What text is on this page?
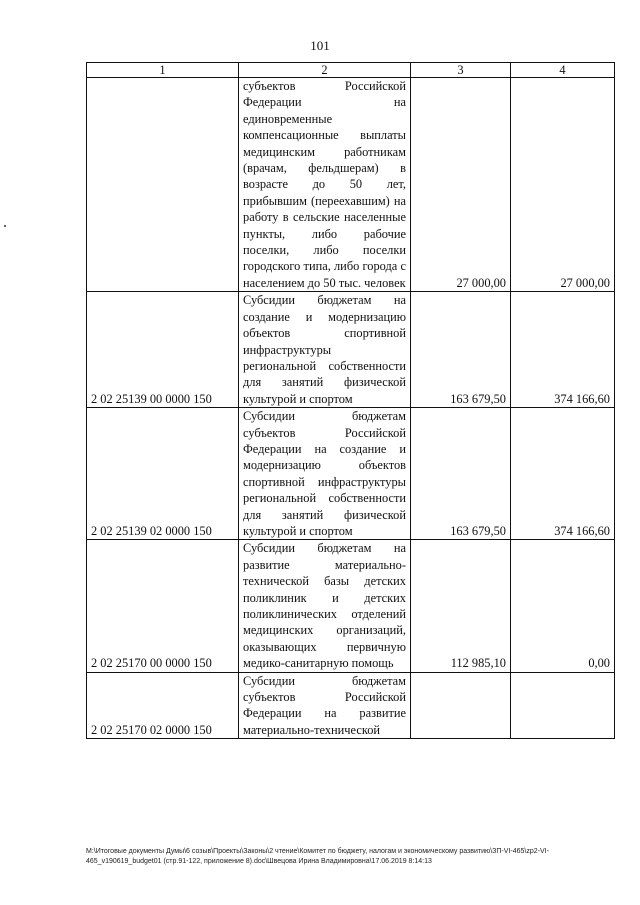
101
1	2	3	4
	субъектов Российской Федерации на единовременные компенсационные выплаты медицинским работникам (врачам, фельдшерам) в возрасте до 50 лет, прибывшим (переехавшим) на работу в сельские населенные пункты, либо рабочие поселки, либо поселки городского типа, либо города с населением до 50 тыс. человек	27 000,00	27 000,00
2 02 25139 00 0000 150	Субсидии бюджетам на создание и модернизацию объектов спортивной инфраструктуры региональной собственности для занятий физической культурой и спортом	163 679,50	374 166,60
2 02 25139 02 0000 150	Субсидии бюджетам субъектов Российской Федерации на создание и модернизацию объектов спортивной инфраструктуры региональной собственности для занятий физической культурой и спортом	163 679,50	374 166,60
2 02 25170 00 0000 150	Субсидии бюджетам на развитие материально-технической базы детских поликлиник и детских поликлинических отделений медицинских организаций, оказывающих первичную медико-санитарную помощь	112 985,10	0,00
2 02 25170 02 0000 150	Субсидии бюджетам субъектов Российской Федерации на развитие материально-технической		
М:\Итоговые документы Думы\6 созыв\Проекты\Законы\2 чтение\Комитет по бюджету, налогам и экономическому развитию\ЗП-VI-465\zp2-VI-
465_v190619_budget01 (стр.91-122, приложение 8).doc\Швецова Ирина Владимировна\17.06.2019 8:14:13
